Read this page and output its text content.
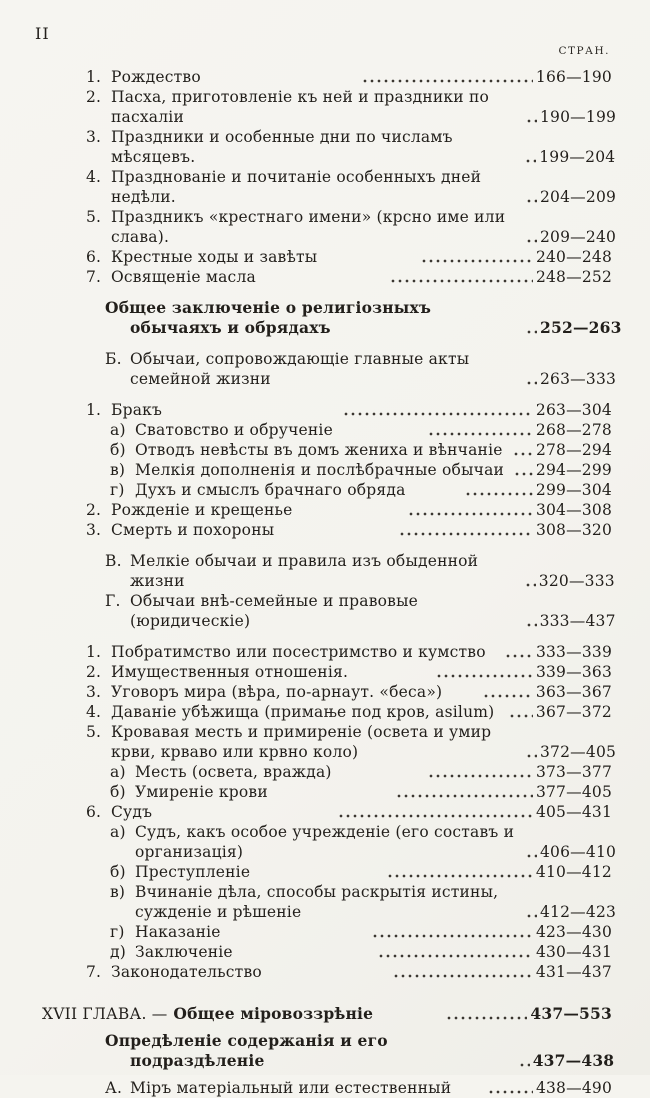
II
СТРАН.
1. Рождество	166—190
2. Пасха, приготовленіе къ ней и праздники по пасхаліи	190—199
3. Праздники и особенные дни по числамъ мѣсяцевъ.	199—204
4. Празднованіе и почитаніе особенныхъ дней недѣли.	204—209
5. Праздникъ «крестнаго имени» (крсно име или слава).	209—240
6. Крестные ходы и завѣты	240—248
7. Освященіе масла	248—252
Общее заключеніе о религіозныхъ обычаяхъ и обрядахъ	252—263
Б. Обычаи, сопровождающіе главные акты семейной жизни	263—333
1. Бракъ	263—304
а) Сватовство и обрученіе	268—278
б) Отводъ невѣсты въ домъ жениха и вѣнчаніе	278—294
в) Мелкія дополненія и послѣбрачные обычаи	294—299
г) Духъ и смыслъ брачнаго обряда	299—304
2. Рожденіе и крещенье	304—308
3. Смерть и похороны	308—320
В. Мелкіе обычаи и правила изъ обыденной жизни	320—333
Г. Обычаи внѣ-семейные и правовые (юридическіе)	333—437
1. Побратимство или посестримство и кумство	333—339
2. Имущественныя отношенія.	339—363
3. Уговоръ мира (вѣра, по-арнаут. «беса»)	363—367
4. Даваніе убѣжища (примање под кров, asilum)	367—372
5. Кровавая месть и примиреніе (освета и умир крви, крваво или крвно коло)	372—405
а) Месть (освета, вражда)	373—377
б) Умиреніе крови	377—405
6. Судъ	405—431
а) Судъ, какъ особое учрежденіе (его составъ и организація)	406—410
б) Преступленіе	410—412
в) Вчинаніе дѣла, способы раскрытія истины, сужденіе и рѣшеніе	412—423
г) Наказаніе	423—430
д) Заключеніе	430—431
7. Законодательство	431—437
XVII ГЛАВА. — Общее міровоззрѣніе	437—553
Опредѣленіе содержанія и его подраздѣленіе	437—438
А. Міръ матеріальный или естественный	438—490
